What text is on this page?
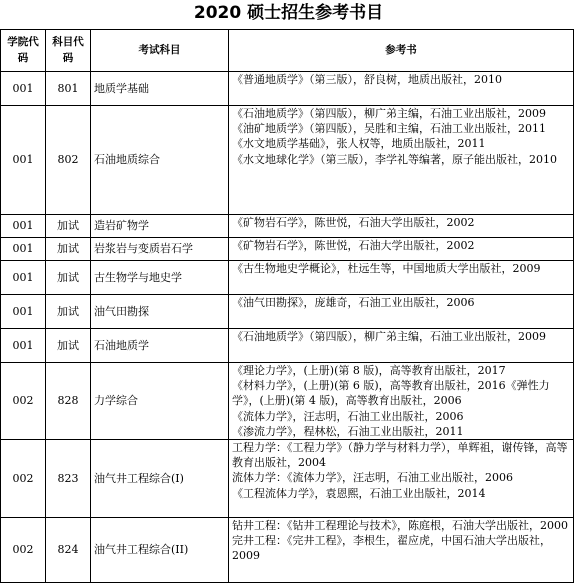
2020 硕士招生参考书目
学院代码	科目代码	考试科目	参考书
001	801	地质学基础	《普通地质学》（第三版），舒良树，地质出版社，2010

001	802	石油地质综合	《石油地质学》（第四版），柳广弟主编，石油工业出版社，2009
《油矿地质学》（第四版），吴胜和主编，石油工业出版社，2011
《水文地质学基础》，张人权等，地质出版社，2011
《水文地球化学》（第三版），李学礼等编著，原子能出版社，2010

001	加试	造岩矿物学	《矿物岩石学》，陈世悦，石油大学出版社，2002

001	加试	岩浆岩与变质岩石学	《矿物岩石学》，陈世悦，石油大学出版社，2002

001	加试	古生物学与地史学	《古生物地史学概论》，杜远生等，中国地质大学出版社，2009

001	加试	油气田勘探	《油气田勘探》，庞雄奇，石油工业出版社，2006

001	加试	石油地质学	《石油地质学》（第四版），柳广弟主编，石油工业出版社，2009

002	828	力学综合	《理论力学》，(上册)(第 8 版)，高等教育出版社，2017
《材料力学》，(上册)(第 6 版)，高等教育出版社，2016《弹性力学》，(上册)(第 4 版)，高等教育出版社，2006
《流体力学》，汪志明，石油工业出版社，2006
《渗流力学》，程林松，石油工业出版社，2011

002	823	油气井工程综合(I)	工程力学：《工程力学》（静力学与材料力学），单辉祖，谢传锋，高等教育出版社，2004
流体力学：《流体力学》，汪志明，石油工业出版社，2006
《工程流体力学》，袁恩熙，石油工业出版社，2014

002	824	油气井工程综合(II)	钻井工程：《钻井工程理论与技术》，陈庭根，石油大学出版社，2000
完井工程：《完井工程》，李根生，翟应虎，中国石油大学出版社，2009
